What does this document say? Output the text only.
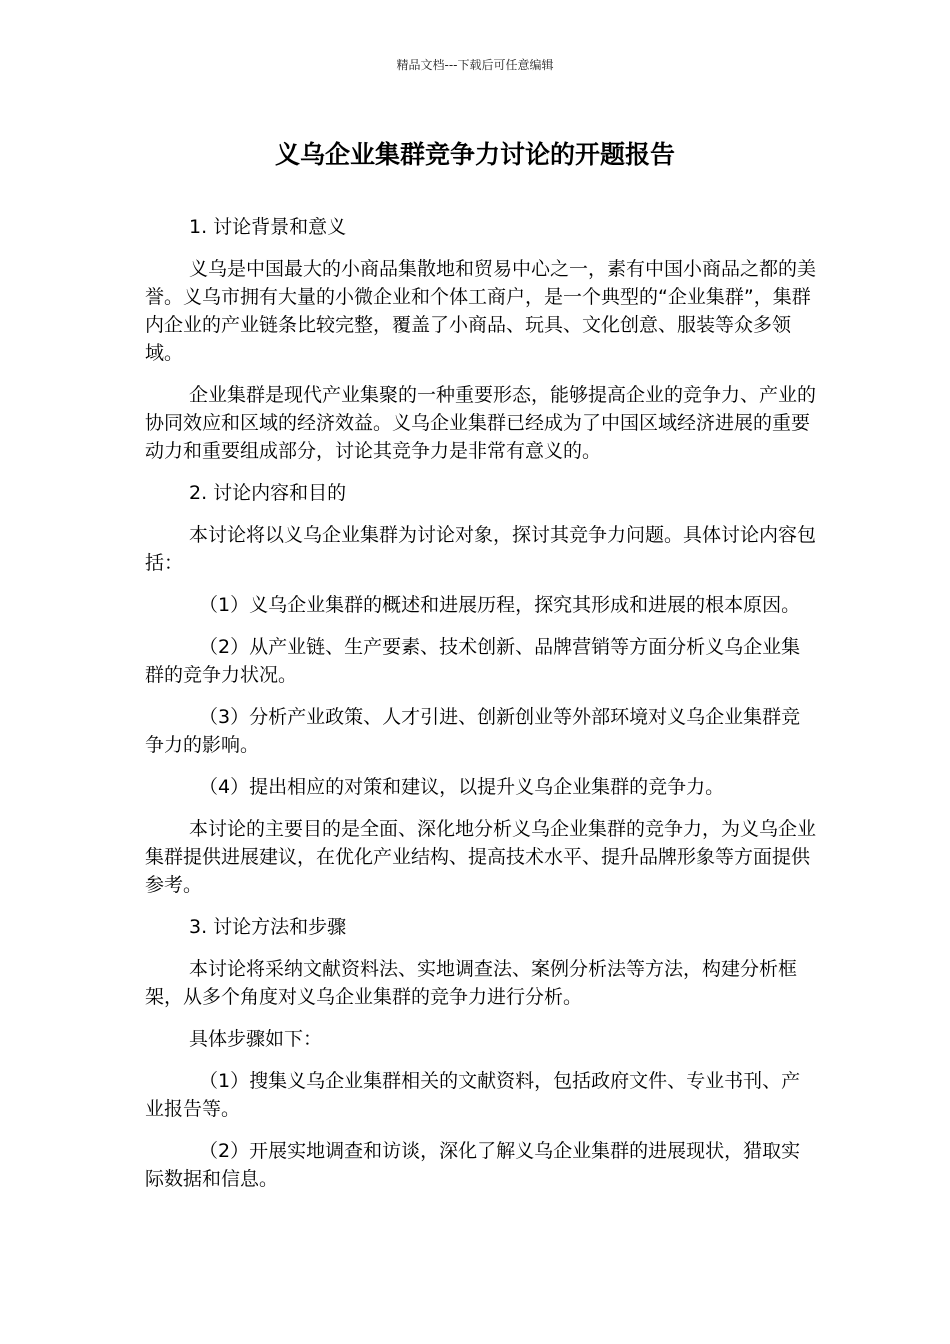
精品文档---下载后可任意编辑
义乌企业集群竞争力讨论的开题报告

1. 讨论背景和意义

义乌是中国最大的小商品集散地和贸易中心之一，素有中国小商品之都的美誉。义乌市拥有大量的小微企业和个体工商户，是一个典型的“企业集群”，集群内企业的产业链条比较完整，覆盖了小商品、玩具、文化创意、服装等众多领域。

企业集群是现代产业集聚的一种重要形态，能够提高企业的竞争力、产业的协同效应和区域的经济效益。义乌企业集群已经成为了中国区域经济进展的重要动力和重要组成部分，讨论其竞争力是非常有意义的。

2. 讨论内容和目的

本讨论将以义乌企业集群为讨论对象，探讨其竞争力问题。具体讨论内容包括：

（1）义乌企业集群的概述和进展历程，探究其形成和进展的根本原因。

（2）从产业链、生产要素、技术创新、品牌营销等方面分析义乌企业集群的竞争力状况。

（3）分析产业政策、人才引进、创新创业等外部环境对义乌企业集群竞争力的影响。

（4）提出相应的对策和建议，以提升义乌企业集群的竞争力。

本讨论的主要目的是全面、深化地分析义乌企业集群的竞争力，为义乌企业集群提供进展建议，在优化产业结构、提高技术水平、提升品牌形象等方面提供参考。

3. 讨论方法和步骤

本讨论将采纳文献资料法、实地调查法、案例分析法等方法，构建分析框架，从多个角度对义乌企业集群的竞争力进行分析。

具体步骤如下：

（1）搜集义乌企业集群相关的文献资料，包括政府文件、专业书刊、产业报告等。

（2）开展实地调查和访谈，深化了解义乌企业集群的进展现状，猎取实际数据和信息。
